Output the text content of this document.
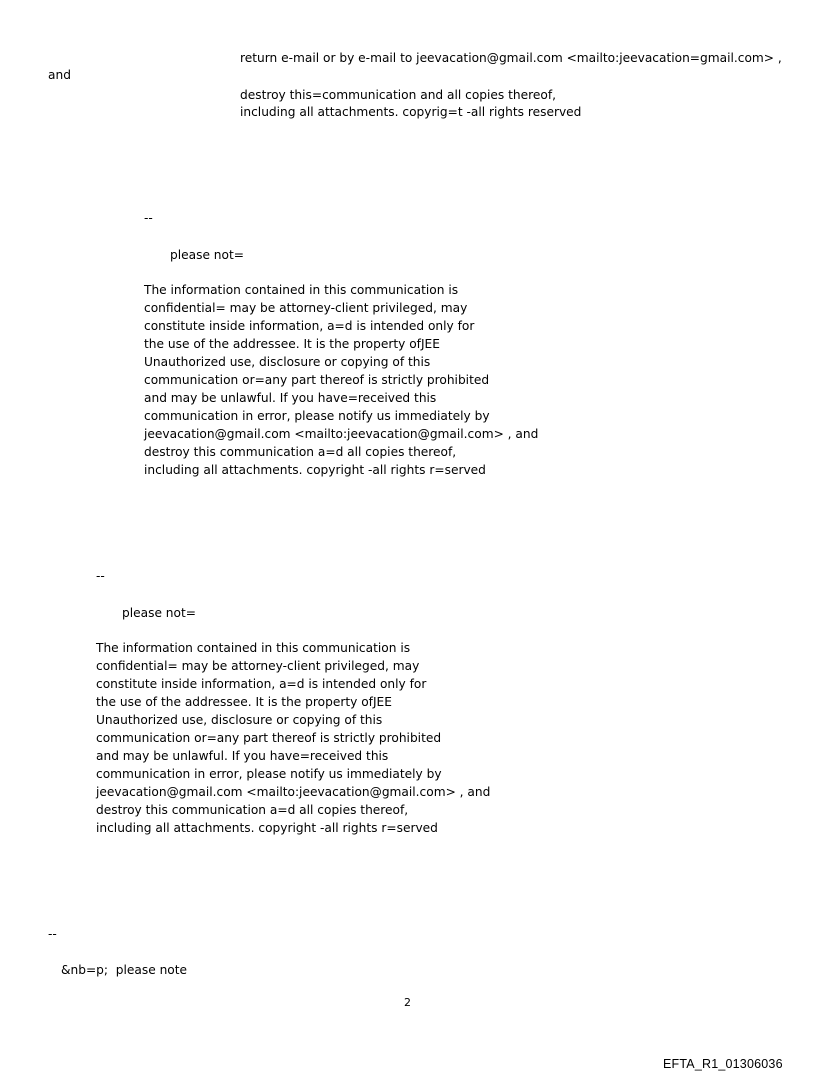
return e-mail or by e-mail to jeevacation@gmail.com <mailto:jeevacation=gmail.com> ,
and
destroy this=communication and all copies thereof,
including all attachments. copyrig=t -all rights reserved
--
please not=
The information contained in this communication is
confidential= may be attorney-client privileged, may
constitute inside information, a=d is intended only for
the use of the addressee. It is the property ofJEE
Unauthorized use, disclosure or copying of this
communication or=any part thereof is strictly prohibited
and may be unlawful. If you have=received this
communication in error, please notify us immediately by
jeevacation@gmail.com <mailto:jeevacation@gmail.com> , and
destroy this communication a=d all copies thereof,
including all attachments. copyright -all rights r=served
--
please not=
The information contained in this communication is
confidential= may be attorney-client privileged, may
constitute inside information, a=d is intended only for
the use of the addressee. It is the property ofJEE
Unauthorized use, disclosure or copying of this
communication or=any part thereof is strictly prohibited
and may be unlawful. If you have=received this
communication in error, please notify us immediately by
jeevacation@gmail.com <mailto:jeevacation@gmail.com> , and
destroy this communication a=d all copies thereof,
including all attachments. copyright -all rights r=served
--
&nb=p;  please note
2
EFTA_R1_01306036
